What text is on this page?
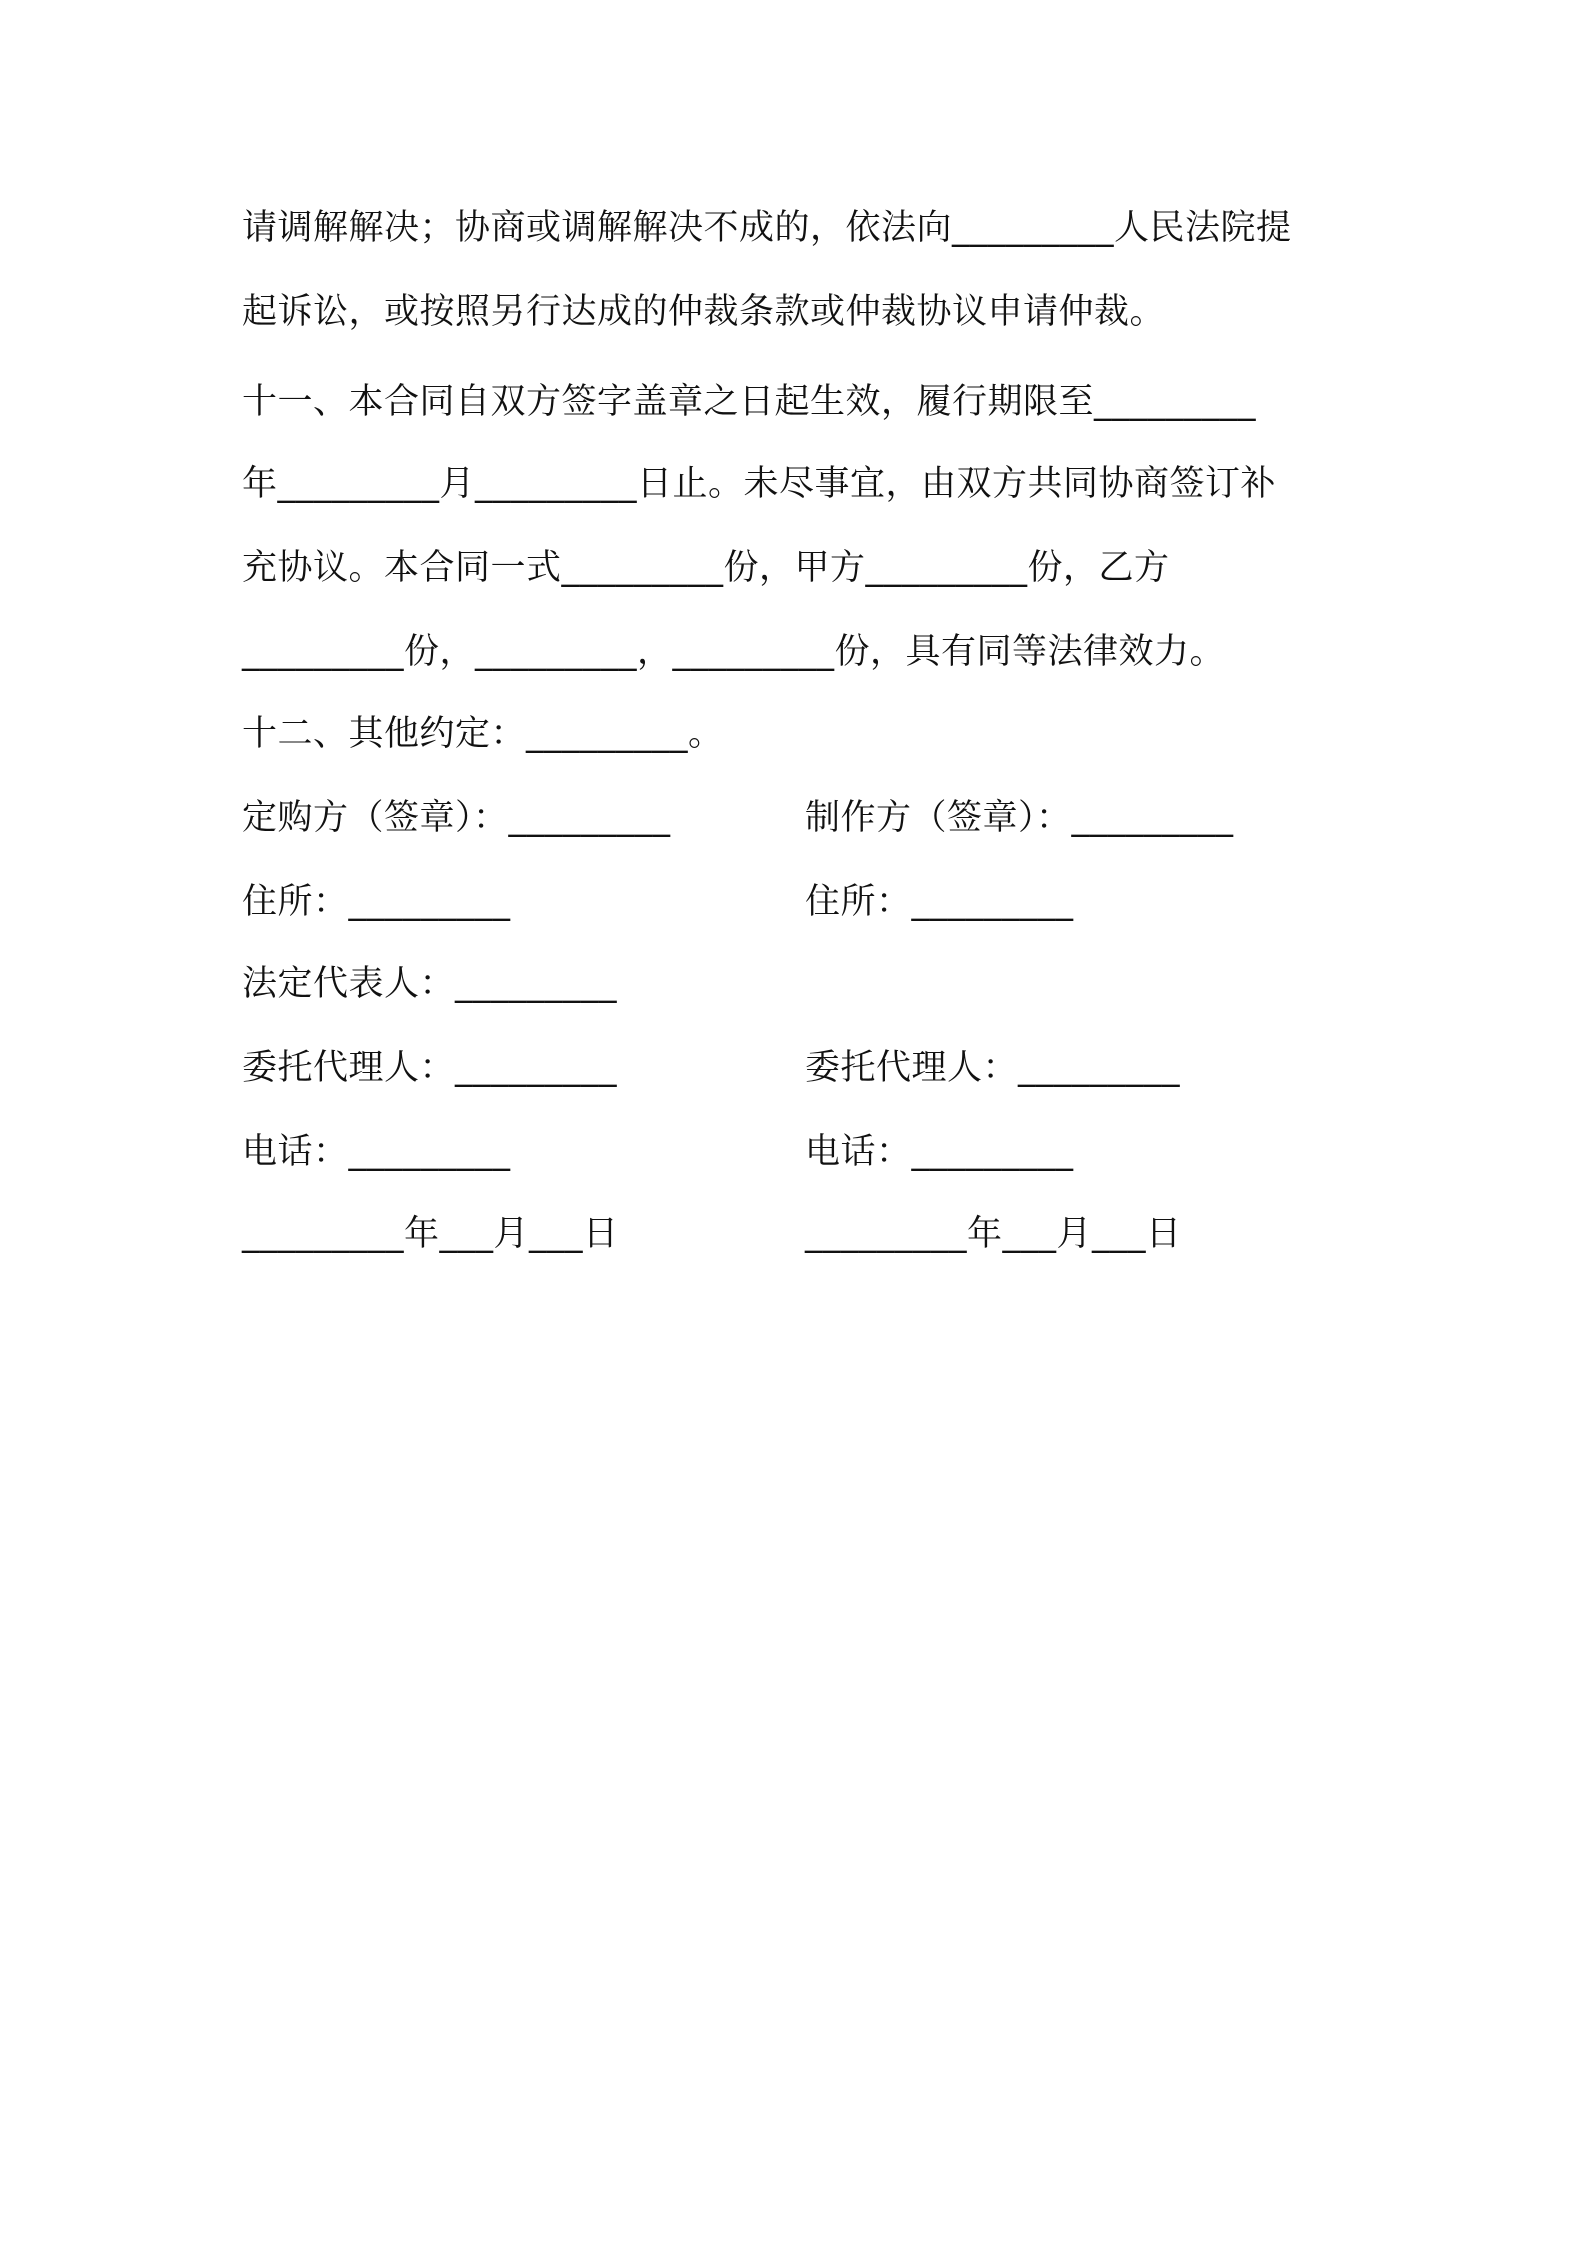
请调解解决；协商或调解解决不成的，依法向_________人民法院提
起诉讼，或按照另行达成的仲裁条款或仲裁协议申请仲裁。
十一、本合同自双方签字盖章之日起生效，履行期限至_________
年_________月_________日止。未尽事宜，由双方共同协商签订补
充协议。本合同一式_________份，甲方_________份，乙方
_________份，_________，_________份，具有同等法律效力。
十二、其他约定：_________。
定购方（签章）：_________	制作方（签章）：_________
住所：_________	住所：_________
法定代表人：_________
委托代理人：_________	委托代理人：_________
电话：_________	电话：_________
_________年___月___日	_________年___月___日
